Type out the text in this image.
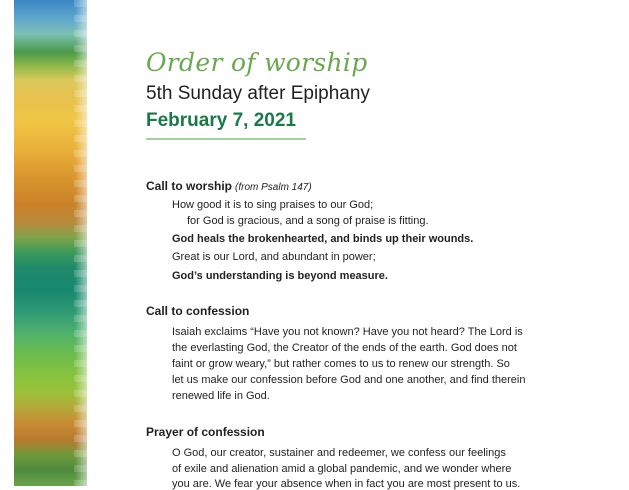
Order of worship
5th Sunday after Epiphany
February 7, 2021
Call to worship (from Psalm 147)
How good it is to sing praises to our God;
for God is gracious, and a song of praise is fitting.
God heals the brokenhearted, and binds up their wounds.
Great is our Lord, and abundant in power;
God’s understanding is beyond measure.
Call to confession
Isaiah exclaims “Have you not known? Have you not heard? The Lord is
the everlasting God, the Creator of the ends of the earth. God does not
faint or grow weary,” but rather comes to us to renew our strength. So
let us make our confession before God and one another, and find therein
renewed life in God.
Prayer of confession
O God, our creator, sustainer and redeemer, we confess our feelings
of exile and alienation amid a global pandemic, and we wonder where
you are. We fear your absence when in fact you are most present to us.
